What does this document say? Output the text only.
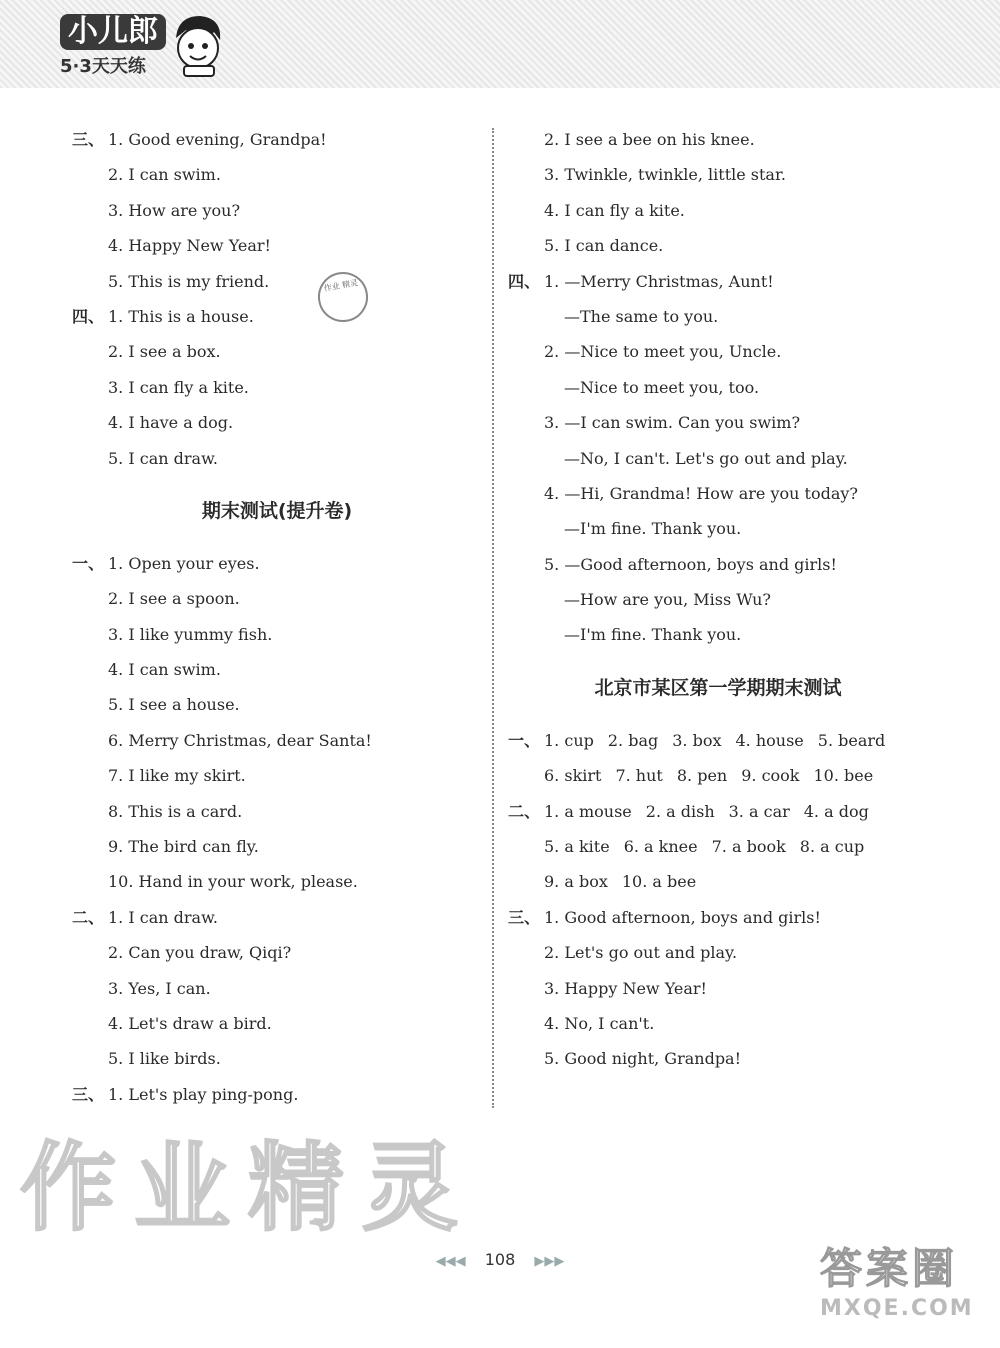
小儿郎
5·3天天练
三、 1. Good evening, Grandpa!
2. I can swim.
3. How are you?
4. Happy New Year!
5. This is my friend.
四、 1. This is a house.
2. I see a box.
3. I can fly a kite.
4. I have a dog.
5. I can draw.
期末测试(提升卷)
一、 1. Open your eyes.
2. I see a spoon.
3. I like yummy fish.
4. I can swim.
5. I see a house.
6. Merry Christmas, dear Santa!
7. I like my skirt.
8. This is a card.
9. The bird can fly.
10. Hand in your work, please.
二、 1. I can draw.
2. Can you draw, Qiqi?
3. Yes, I can.
4. Let's draw a bird.
5. I like birds.
三、 1. Let's play ping-pong.
2. I see a bee on his knee.
3. Twinkle, twinkle, little star.
4. I can fly a kite.
5. I can dance.
四、 1. —Merry Christmas, Aunt!
—The same to you.
2. —Nice to meet you, Uncle.
—Nice to meet you, too.
3. —I can swim. Can you swim?
—No, I can't. Let's go out and play.
4. —Hi, Grandma! How are you today?
—I'm fine. Thank you.
5. —Good afternoon, boys and girls!
—How are you, Miss Wu?
—I'm fine. Thank you.
北京市某区第一学期期末测试
一、 1. cup 2. bag 3. box 4. house 5. beard
6. skirt 7. hut 8. pen 9. cook 10. bee
二、 1. a mouse 2. a dish 3. a car 4. a dog
5. a kite 6. a knee 7. a book 8. a cup
9. a box 10. a bee
三、 1. Good afternoon, boys and girls!
2. Let's go out and play.
3. Happy New Year!
4. No, I can't.
5. Good night, Grandpa!
作业 精灵
作业精灵
◀◀◀ 108 ▶▶▶	答案圈
MXQE.COM
